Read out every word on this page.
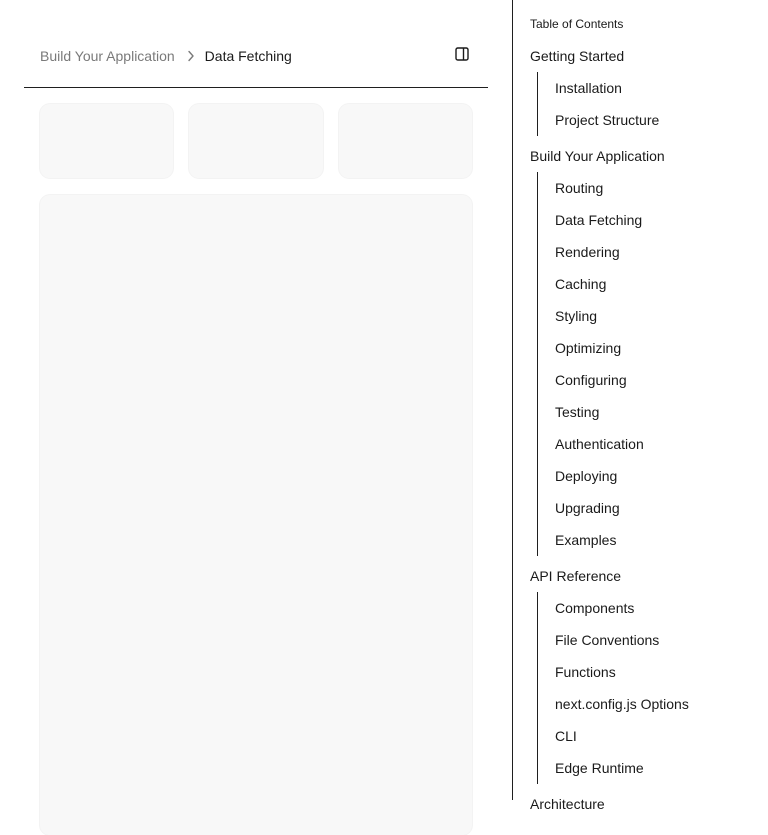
Build Your Application Data Fetching
Table of Contents
Getting Started
Installation
Project Structure
Build Your Application
Routing
Data Fetching
Rendering
Caching
Styling
Optimizing
Configuring
Testing
Authentication
Deploying
Upgrading
Examples
API Reference
Components
File Conventions
Functions
next.config.js Options
CLI
Edge Runtime
Architecture
